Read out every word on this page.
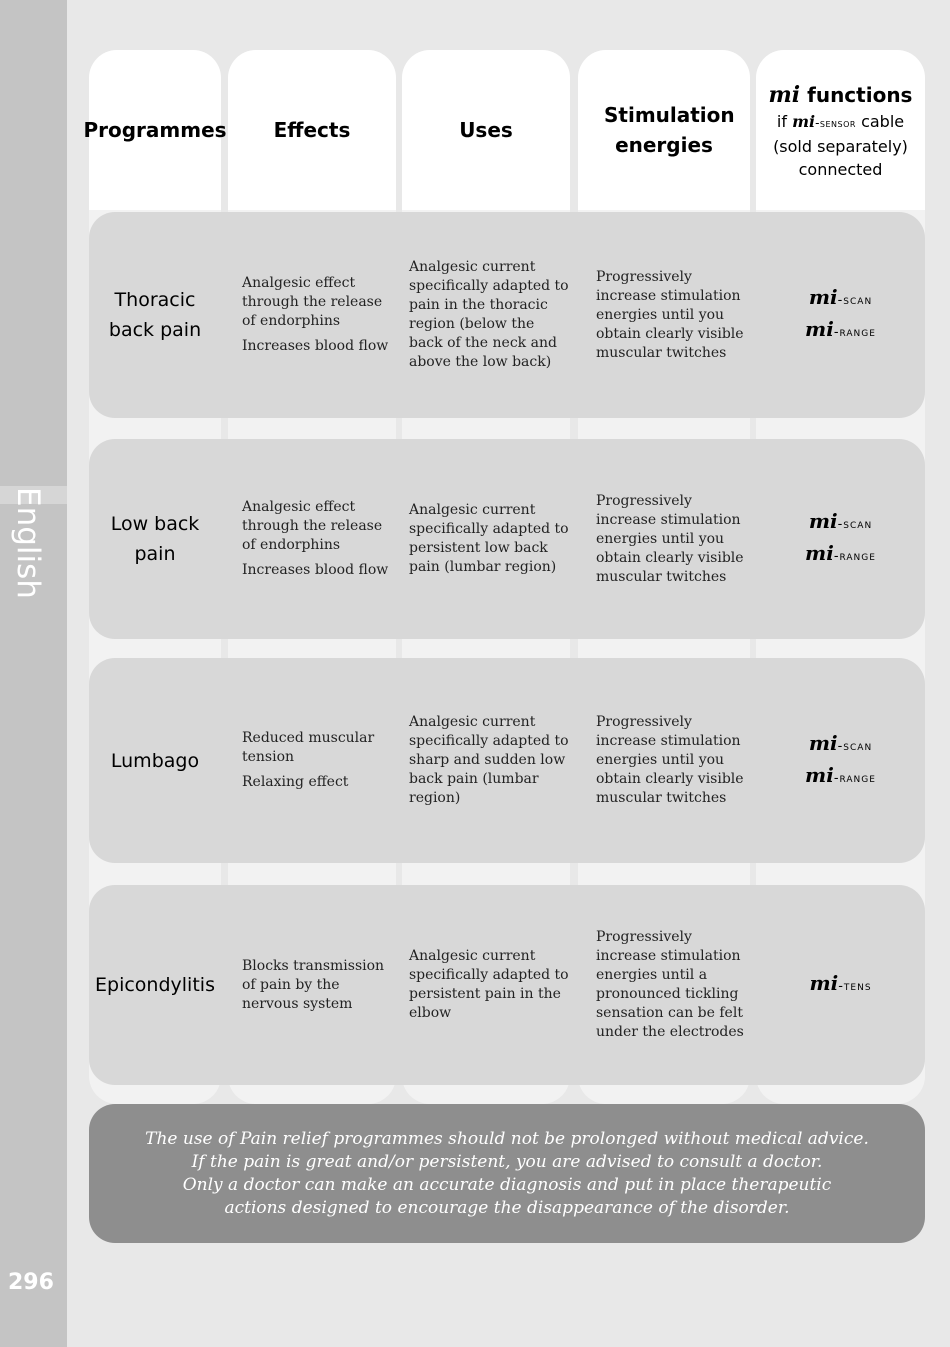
English
296
Programmes Effects	Uses
Stimulation energies
mi functions
if mi-sensor cable
(sold separately)
connected
Thoracic
back pain
Analgesic effect through the release of endorphins
Increases blood flow
Analgesic current specifically adapted to pain in the thoracic region (below the back of the neck and above the low back)
Progressively increase stimulation energies until you obtain clearly visible muscular twitches
mi-scan
mi-range
Low back
pain
Analgesic effect through the release of endorphins
Increases blood flow
Analgesic current specifically adapted to persistent low back pain (lumbar region)
Progressively increase stimulation energies until you obtain clearly visible muscular twitches
mi-scan
mi-range
Lumbago
Reduced muscular tension
Relaxing effect
Analgesic current specifically adapted to sharp and sudden low back pain (lumbar region)
Progressively increase stimulation energies until you obtain clearly visible muscular twitches
mi-scan
mi-range
Epicondylitis
Blocks transmission of pain by the nervous system
Analgesic current specifically adapted to persistent pain in the elbow
Progressively increase stimulation energies until a pronounced tickling sensation can be felt under the electrodes
mi-tens
The use of Pain relief programmes should not be prolonged without medical advice.
If the pain is great and/or persistent, you are advised to consult a doctor.
Only a doctor can make an accurate diagnosis and put in place therapeutic
actions designed to encourage the disappearance of the disorder.
